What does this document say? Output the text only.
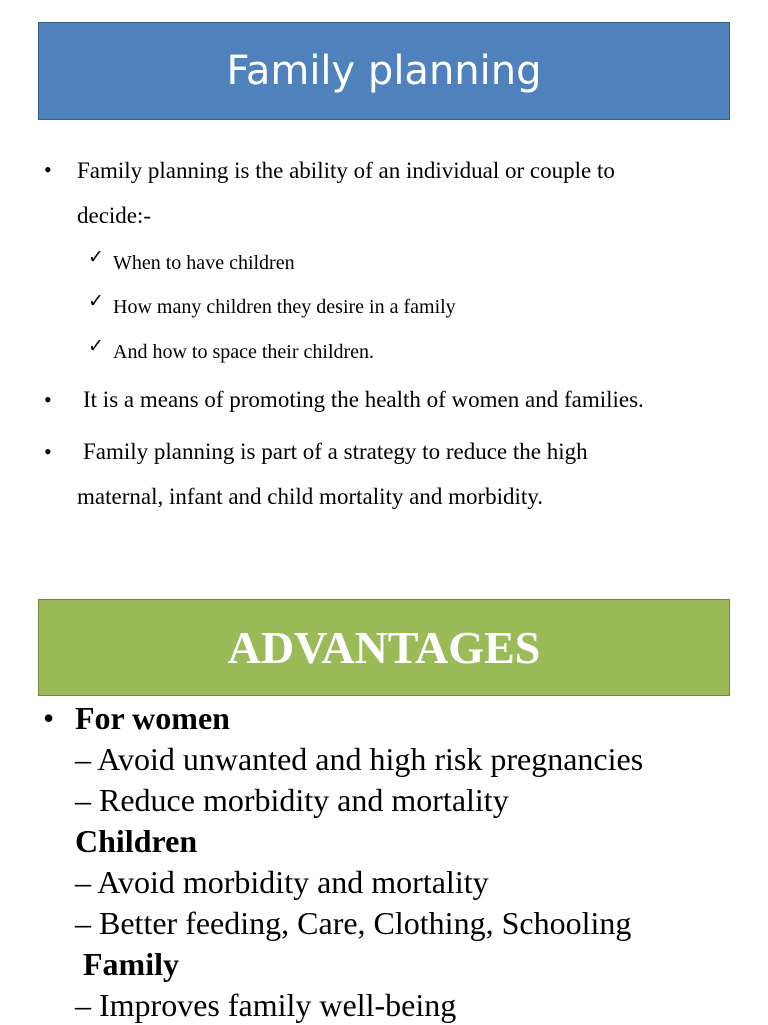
Family planning
• Family planning is the ability of an individual or couple to
decide:-
✓ When to have children
✓ How many children they desire in a family
✓ And how to space their children.
• It is a means of promoting the health of women and families.
• Family planning is part of a strategy to reduce the high
maternal, infant and child mortality and morbidity.
ADVANTAGES
• For women
– Avoid unwanted and high risk pregnancies
– Reduce morbidity and mortality
Children
– Avoid morbidity and mortality
– Better feeding, Care, Clothing, Schooling
Family
– Improves family well-being
